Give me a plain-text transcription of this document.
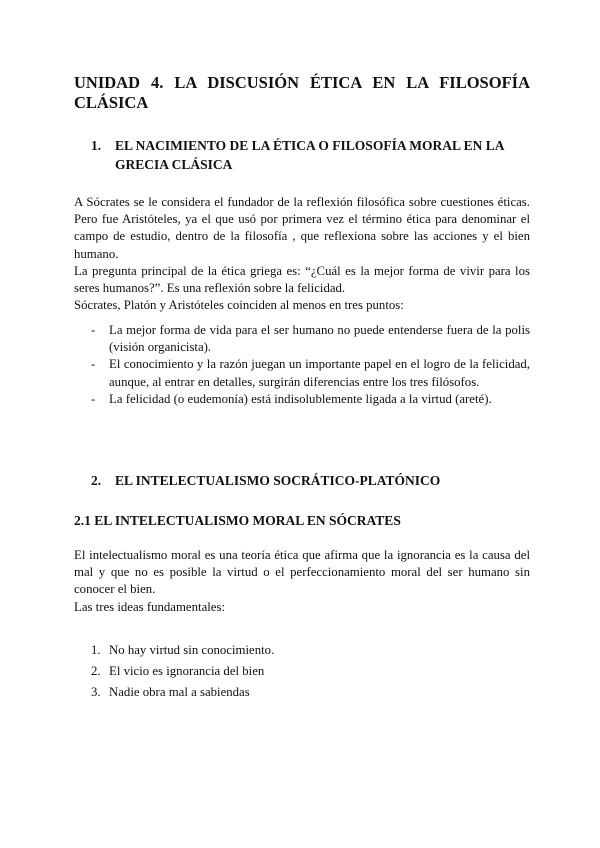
UNIDAD 4. LA DISCUSIÓN ÉTICA EN LA FILOSOFÍA CLÁSICA
1.	EL NACIMIENTO DE LA ÉTICA O FILOSOFÍA MORAL EN LA GRECIA CLÁSICA

A Sócrates se le considera el fundador de la reflexión filosófica sobre cuestiones éticas. Pero fue Aristóteles, ya el que usó por primera vez el término ética para denominar el campo de estudio, dentro de la filosofía , que reflexiona sobre las acciones y el bien humano.

La pregunta principal de la ética griega es: “¿Cuál es la mejor forma de vivir para los seres humanos?”. Es una reflexión sobre la felicidad.

Sócrates, Platón y Aristóteles coinciden al menos en tres puntos:

-	La mejor forma de vida para el ser humano no puede entenderse fuera de la polis (visión organicista).
-	El conocimiento y la razón juegan un importante papel en el logro de la felicidad, aunque, al entrar en detalles, surgirán diferencias entre los tres filósofos.
-	La felicidad (o eudemonía) está indisolublemente ligada a la virtud (areté).
2.	EL INTELECTUALISMO SOCRÁTICO-PLATÓNICO
2.1 EL INTELECTUALISMO MORAL EN SÓCRATES

El intelectualismo moral es una teoría ética que afirma que la ignorancia es la causa del mal y que no es posible la virtud o el perfeccionamiento moral del ser humano sin conocer el bien.

Las tres ideas fundamentales:

1. No hay virtud sin conocimiento.
2. El vicio es ignorancia del bien
3. Nadie obra mal a sabiendas
